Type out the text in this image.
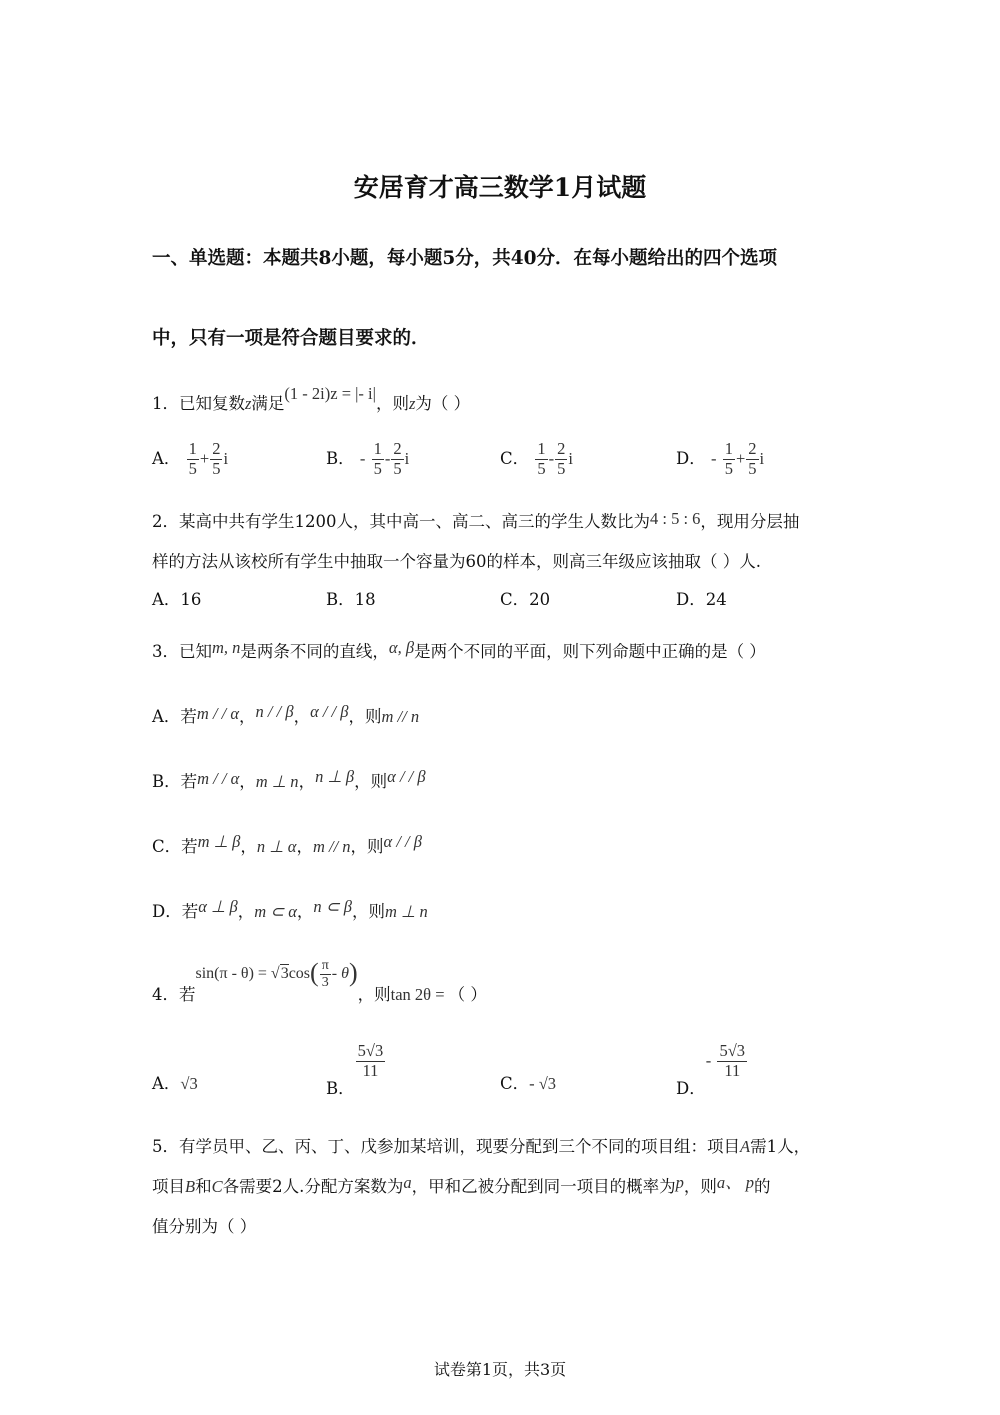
安居育才高三数学1月试题
一、单选题：本题共8小题，每小题5分，共40分．在每小题给出的四个选项
中，只有一项是符合题目要求的．
1．已知复数z满足(1 - 2i)z = |- i|，则z为（ ）
A． $\frac{1}{5} + \frac{2}{5}$ i	B． - $\frac{1}{5} - \frac{2}{5}$ i	C． $\frac{1}{5} - \frac{2}{5}$ i	D． - $\frac{1}{5} + \frac{2}{5}$ i
2．某高中共有学生1200人，其中高一、高二、高三的学生人数比为4 : 5 : 6，现用分层抽
样的方法从该校所有学生中抽取一个容量为60的样本，则高三年级应该抽取（ ）人.
A．16	B．18	C．20	D．24
3．已知m, n是两条不同的直线，α, β是两个不同的平面，则下列命题中正确的是（ ）
A．若m / / α，n / / β，α / / β，则m // n
B．若m / / α，m ⊥ n，n ⊥ β，则α / / β
C．若m ⊥ β，n ⊥ α，m // n，则α / / β
D．若α ⊥ β，m ⊂ α，n ⊂ β，则m ⊥ n
4．若$\sin(\pi - \theta) = √3\cos( \frac{\pi}{3} - \theta)$，则tan 2θ = （ ）
A．√3	B．
$\frac{5√3}{11}$
C．- √3	D．- $\frac{5√3}{11}$
5．有学员甲、乙、丙、丁、戊参加某培训，现要分配到三个不同的项目组：项目A需1人，
项目B和C各需要2人.分配方案数为a，甲和乙被分配到同一项目的概率为p，则a、 p的
值分别为（ ）
试卷第1页，共3页
